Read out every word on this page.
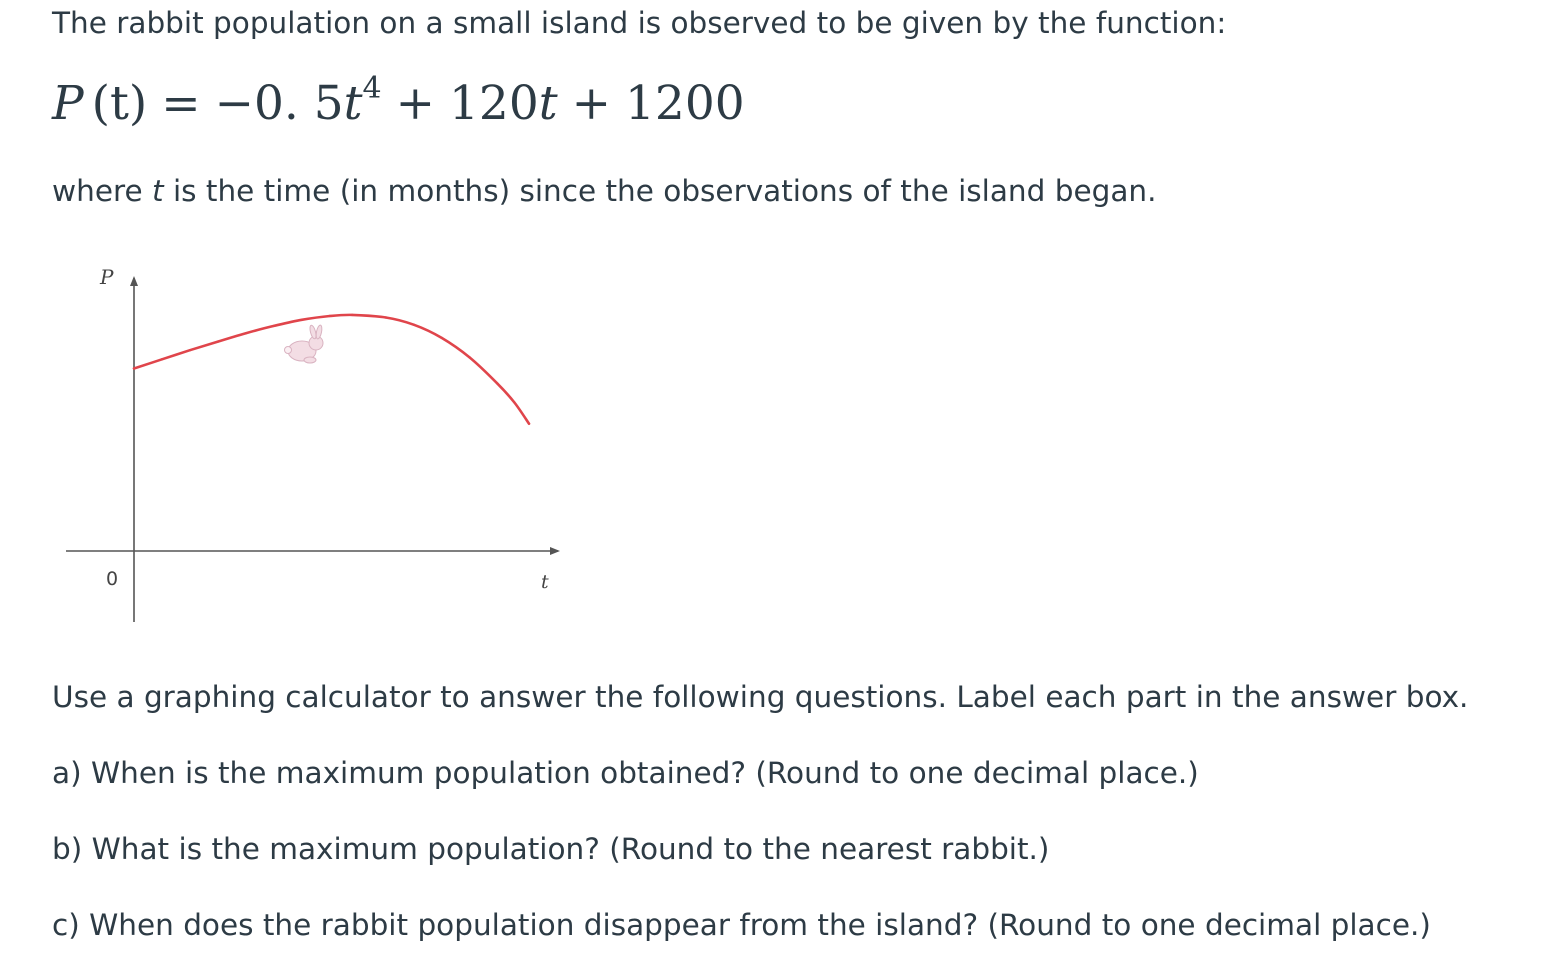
The rabbit population on a small island is observed to be given by the function:

P (t) = −0. $5t^4 + 120t + 1200$

where t is the time (in months) since the observations of the island began.

P
t
0

Use a graphing calculator to answer the following questions. Label each part in the answer box.

a) When is the maximum population obtained? (Round to one decimal place.)

b) What is the maximum population? (Round to the nearest rabbit.)

c) When does the rabbit population disappear from the island? (Round to one decimal place.)
